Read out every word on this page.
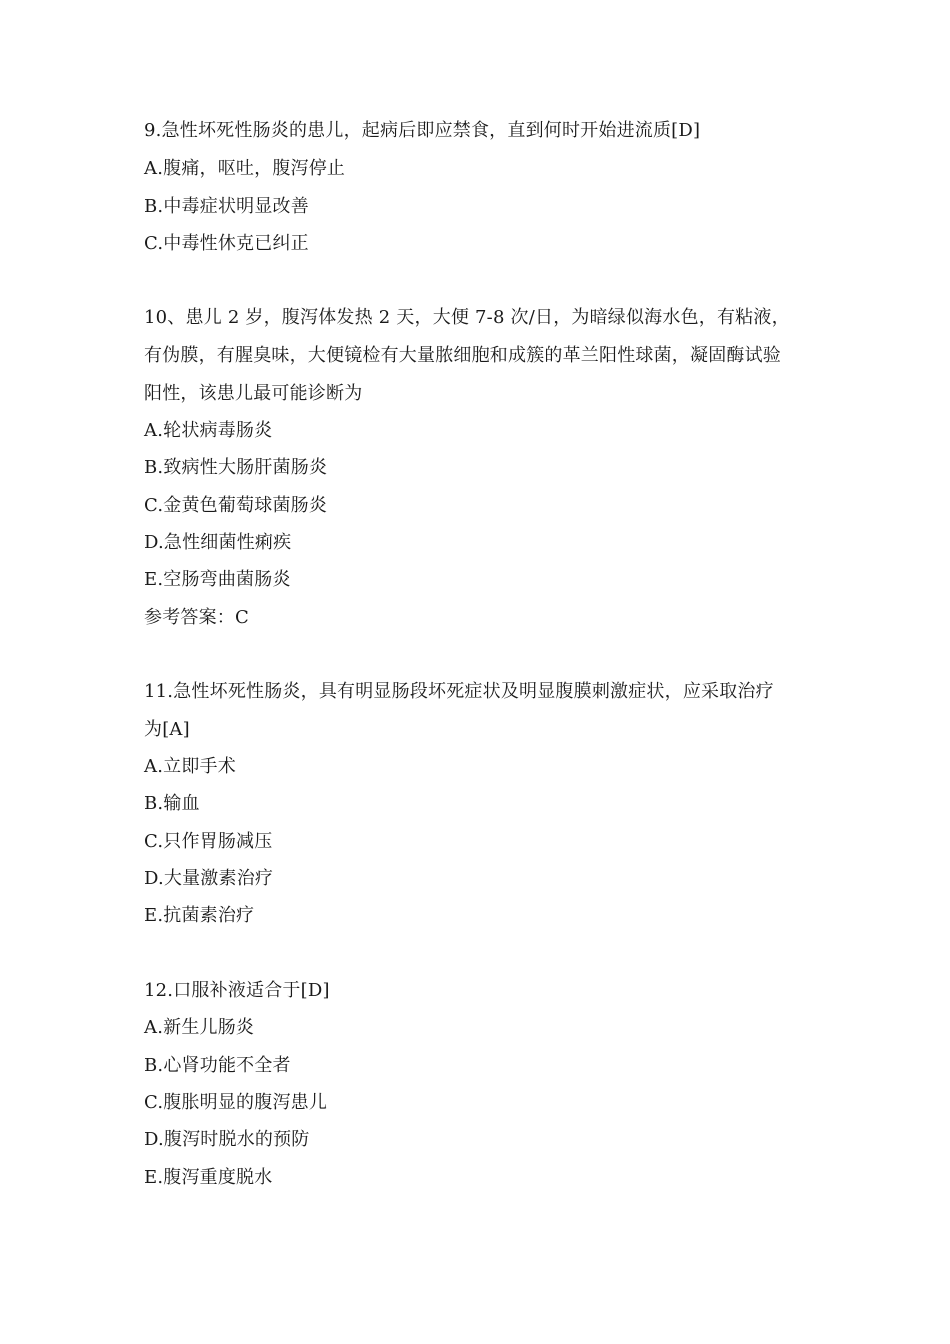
9.急性坏死性肠炎的患儿，起病后即应禁食，直到何时开始进流质[D]
A.腹痛，呕吐，腹泻停止
B.中毒症状明显改善
C.中毒性休克已纠正
10、患儿 2 岁，腹泻体发热 2 天，大便 7-8 次/日，为暗绿似海水色，有粘液，
有伪膜，有腥臭味，大便镜检有大量脓细胞和成簇的革兰阳性球菌，凝固酶试验
阳性，该患儿最可能诊断为
A.轮状病毒肠炎
B.致病性大肠肝菌肠炎
C.金黄色葡萄球菌肠炎
D.急性细菌性痢疾
E.空肠弯曲菌肠炎
参考答案：C
11.急性坏死性肠炎，具有明显肠段坏死症状及明显腹膜刺激症状，应采取治疗
为[A]
A.立即手术
B.输血
C.只作胃肠减压
D.大量激素治疗
E.抗菌素治疗
12.口服补液适合于[D]
A.新生儿肠炎
B.心肾功能不全者
C.腹胀明显的腹泻患儿
D.腹泻时脱水的预防
E.腹泻重度脱水
